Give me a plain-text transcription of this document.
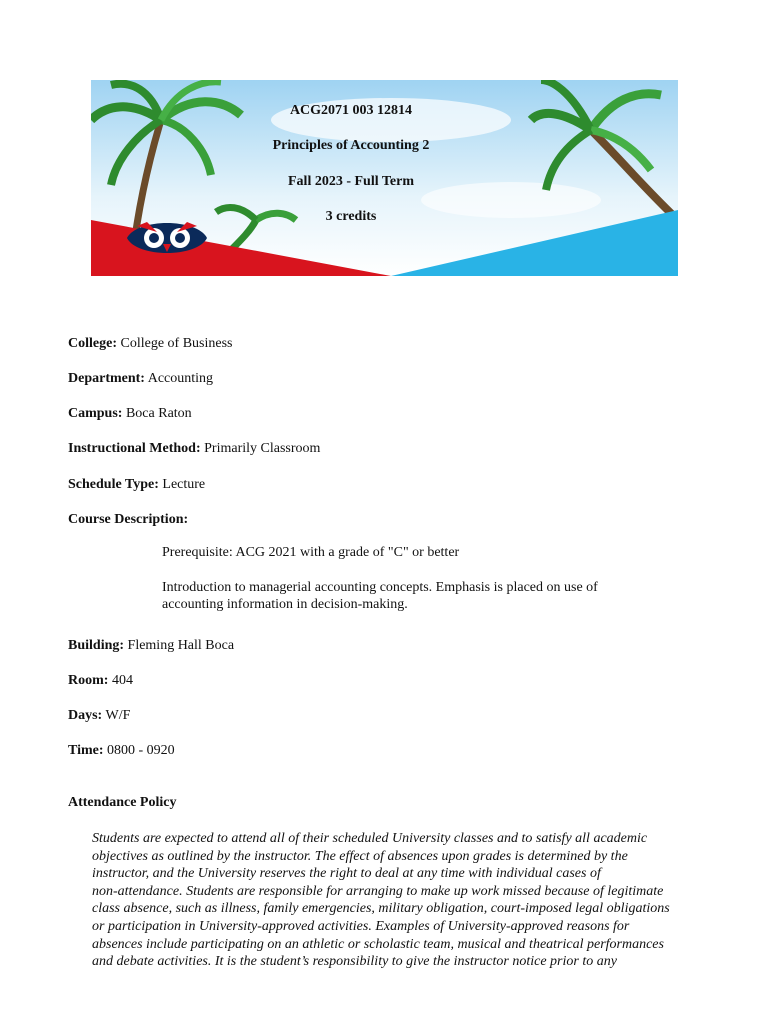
ACG2071 003 12814
Principles of Accounting 2
Fall 2023 - Full Term
3 credits
College: College of Business
Department: Accounting
Campus: Boca Raton
Instructional Method: Primarily Classroom
Schedule Type: Lecture
Course Description:
Prerequisite: ACG 2021 with a grade of "C" or better
Introduction to managerial accounting concepts. Emphasis is placed on use of
accounting information in decision-making.
Building: Fleming Hall Boca
Room: 404
Days: W/F
Time: 0800 - 0920
Attendance Policy
Students are expected to attend all of their scheduled University classes and to satisfy all academic
objectives as outlined by the instructor. The effect of absences upon grades is determined by the
instructor, and the University reserves the right to deal at any time with individual cases of
non-attendance. Students are responsible for arranging to make up work missed because of legitimate
class absence, such as illness, family emergencies, military obligation, court-imposed legal obligations
or participation in University-approved activities. Examples of University-approved reasons for
absences include participating on an athletic or scholastic team, musical and theatrical performances
and debate activities. It is the student’s responsibility to give the instructor notice prior to any
